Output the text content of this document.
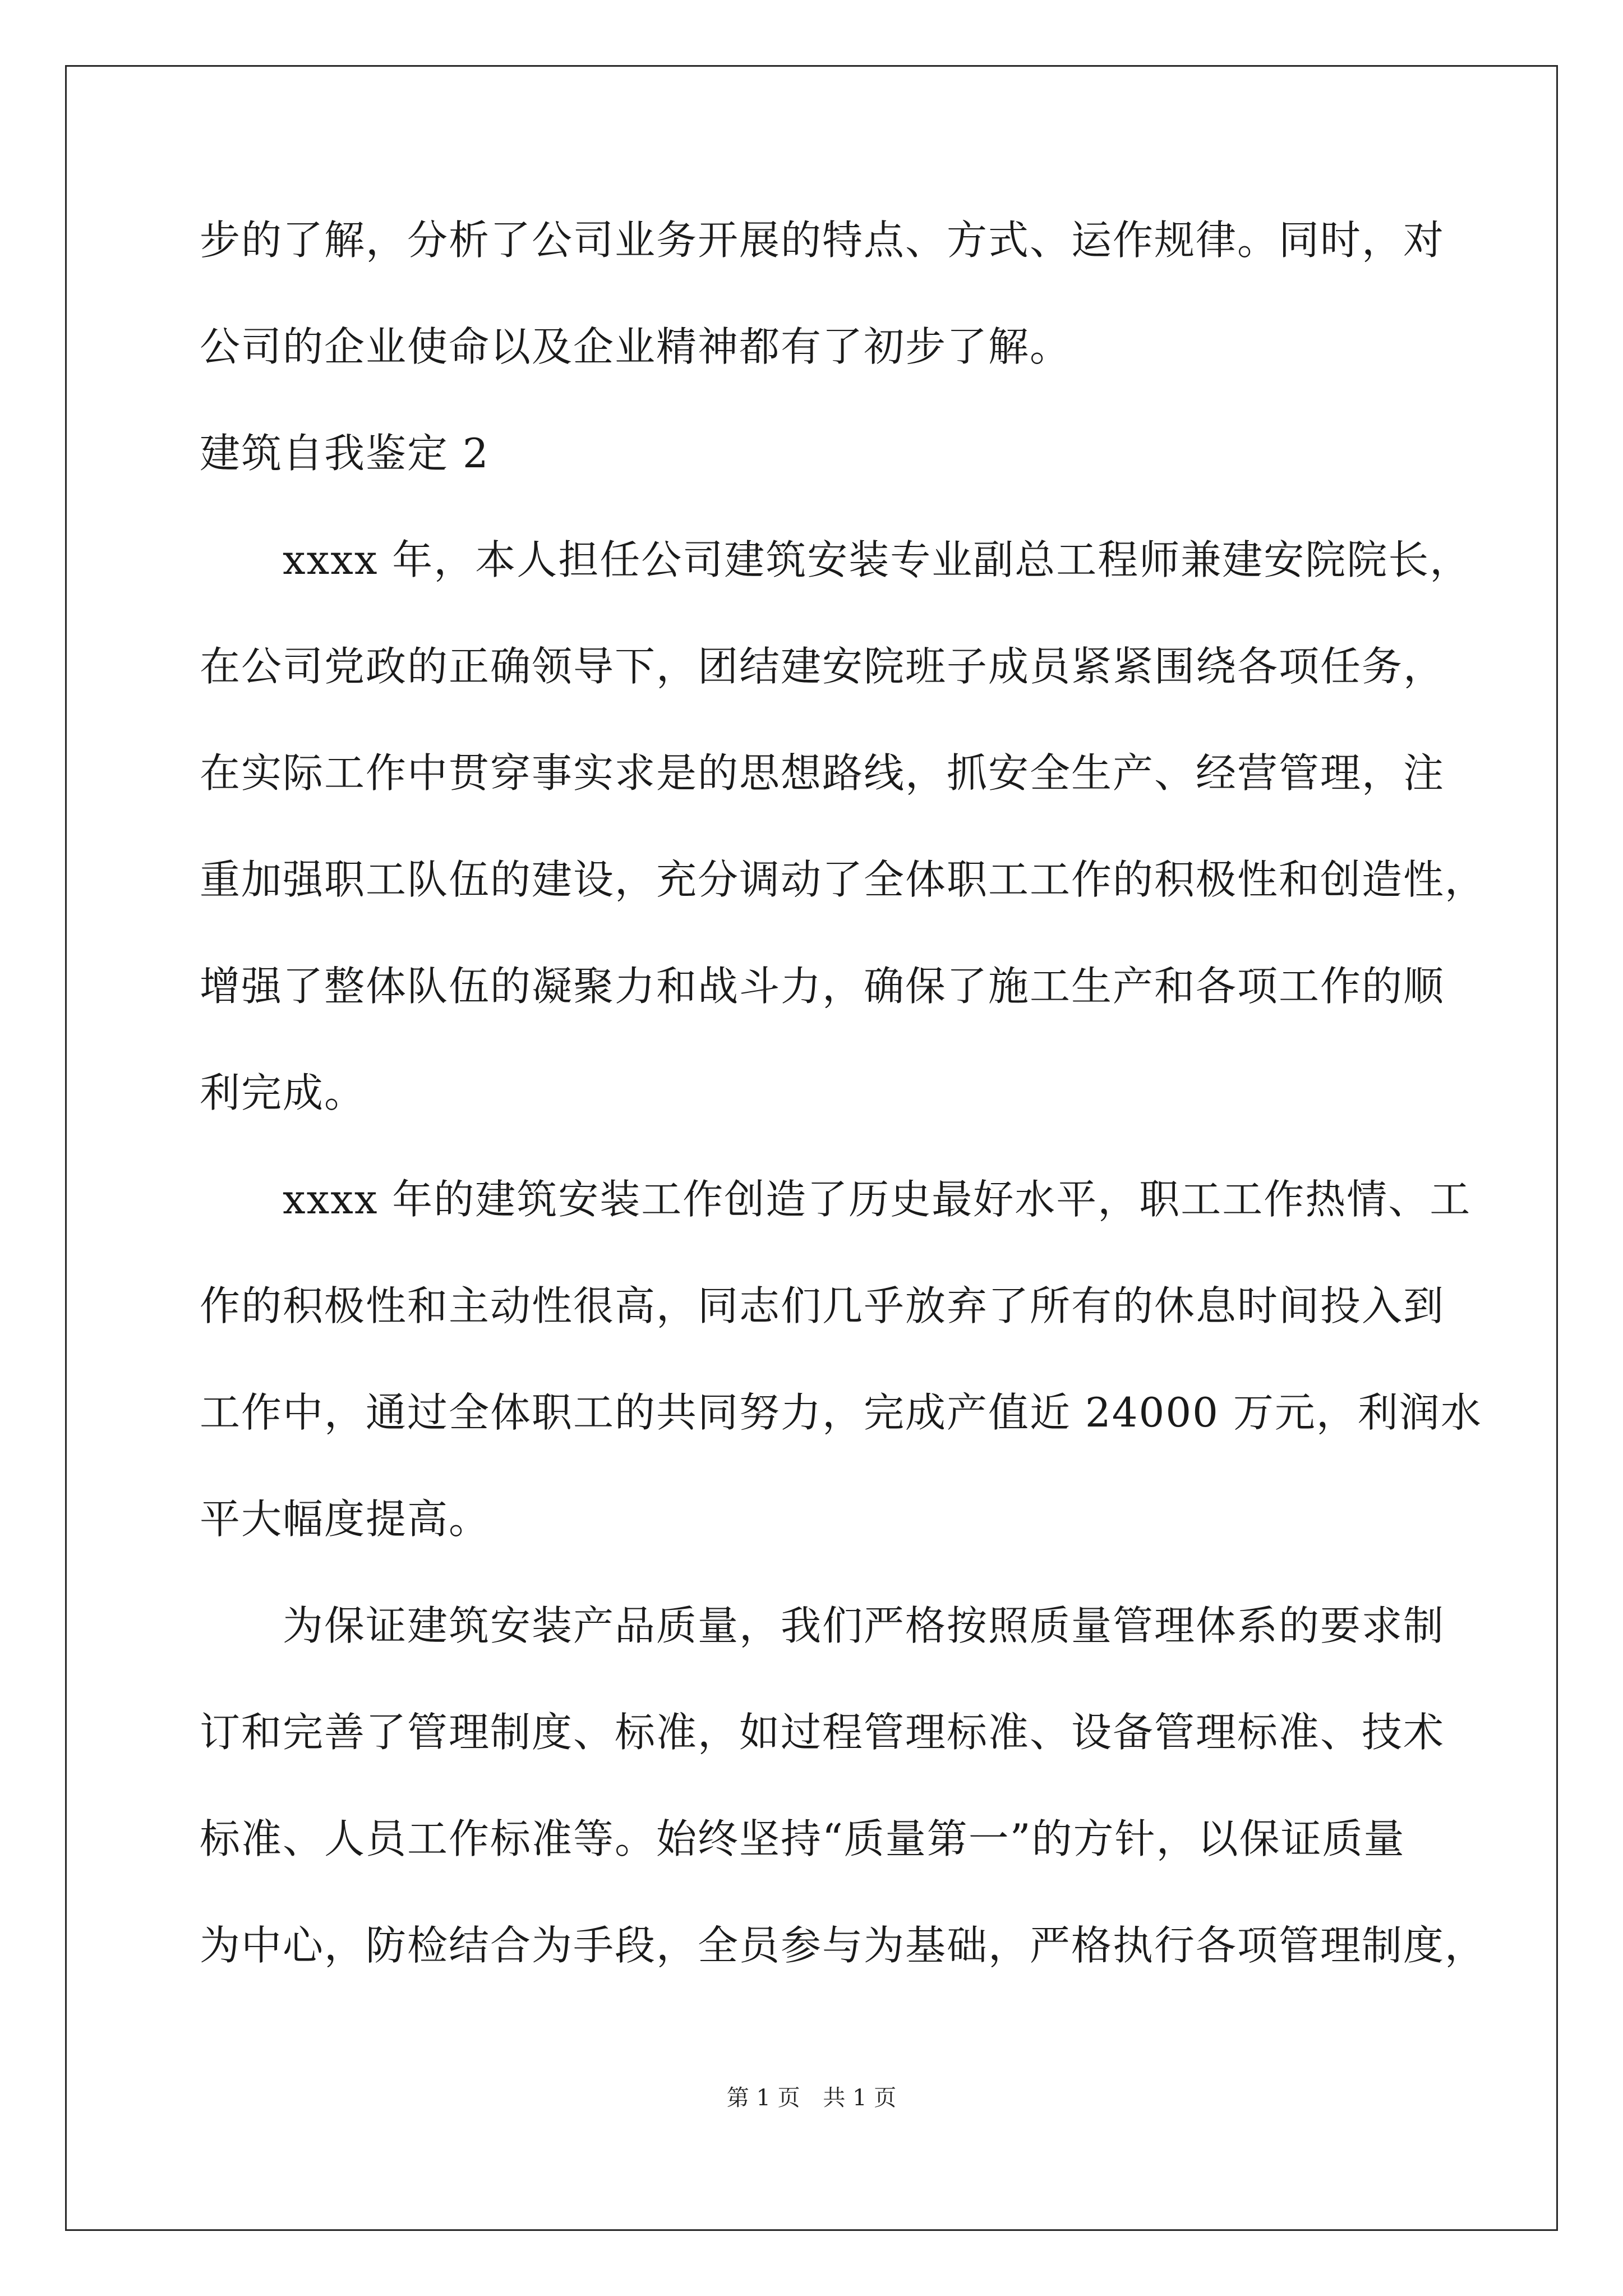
步的了解，分析了公司业务开展的特点、方式、运作规律。同时，对
公司的企业使命以及企业精神都有了初步了解。
建筑自我鉴定 2
xxxx 年，本人担任公司建筑安装专业副总工程师兼建安院院长，
在公司党政的正确领导下，团结建安院班子成员紧紧围绕各项任务，
在实际工作中贯穿事实求是的思想路线，抓安全生产、经营管理，注
重加强职工队伍的建设，充分调动了全体职工工作的积极性和创造性，
增强了整体队伍的凝聚力和战斗力，确保了施工生产和各项工作的顺
利完成。
xxxx 年的建筑安装工作创造了历史最好水平，职工工作热情、工
作的积极性和主动性很高，同志们几乎放弃了所有的休息时间投入到
工作中，通过全体职工的共同努力，完成产值近 24000 万元，利润水
平大幅度提高。
为保证建筑安装产品质量，我们严格按照质量管理体系的要求制
订和完善了管理制度、标准，如过程管理标准、设备管理标准、技术
标准、人员工作标准等。始终坚持“质量第一”的方针，以保证质量
为中心，防检结合为手段，全员参与为基础，严格执行各项管理制度，
第 1 页 共 1 页
